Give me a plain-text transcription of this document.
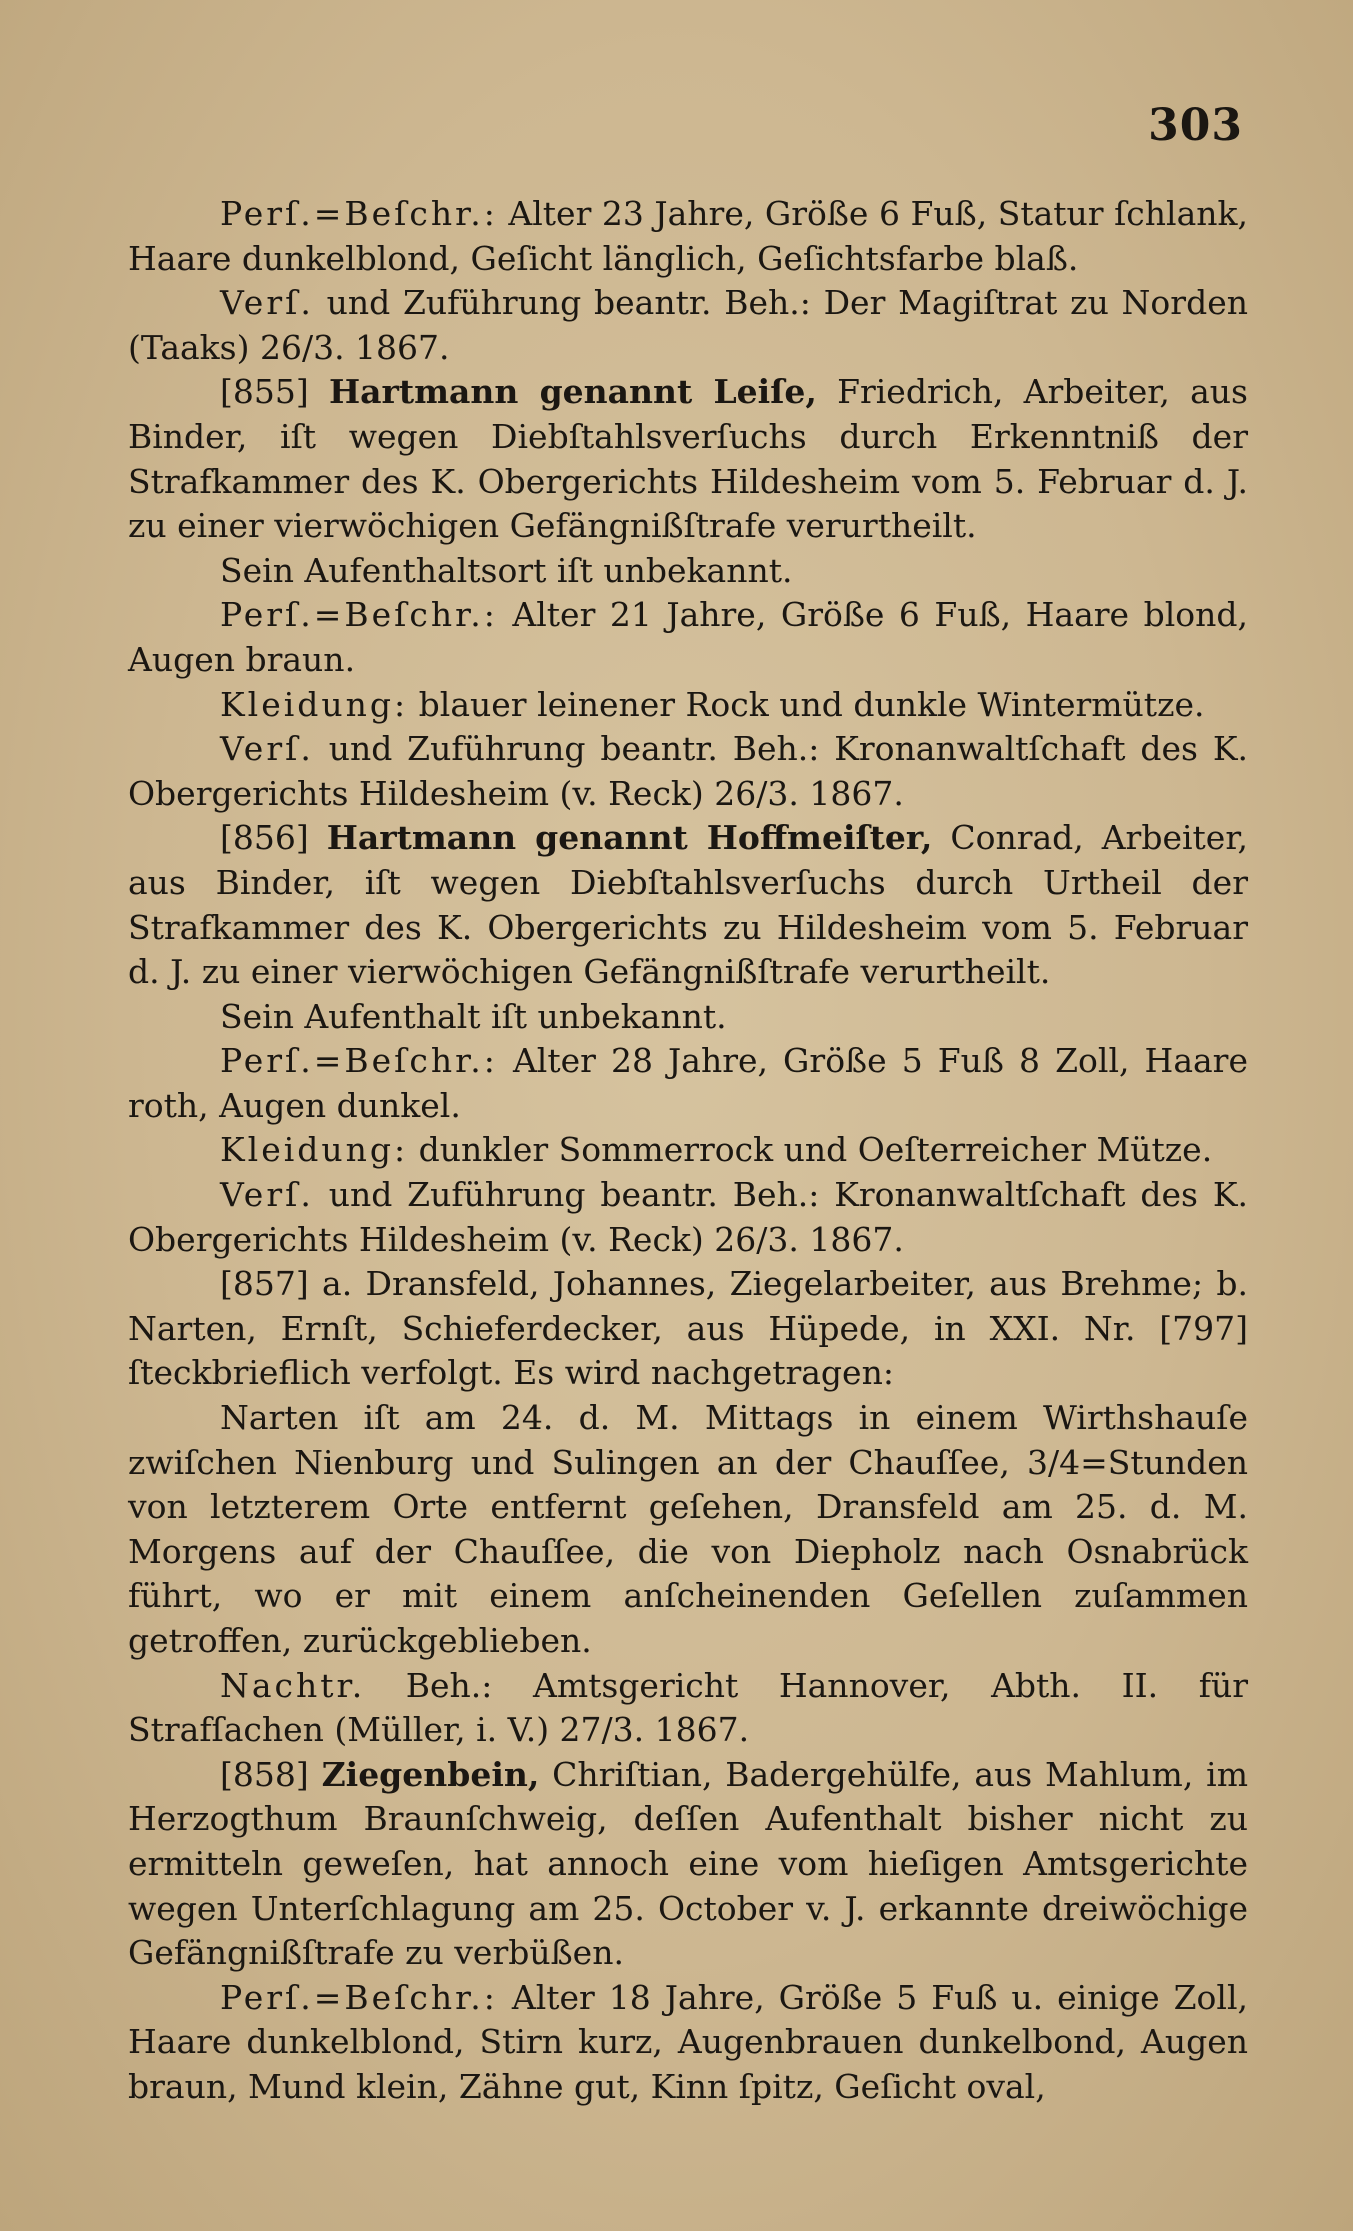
303

Perſ.=Beſchr.: Alter 23 Jahre, Größe 6 Fuß, Statur ſchlank, Haare dunkelblond, Geſicht länglich, Geſichtsfarbe blaß.

Verſ. und Zuführung beantr. Beh.: Der Magiſtrat zu Norden (Taaks) 26/3. 1867.

[855] Hartmann genannt Leiſe, Friedrich, Arbeiter, aus Binder, iſt wegen Diebſtahlsverſuchs durch Erkenntniß der Strafkammer des K. Obergerichts Hildesheim vom 5. Februar d. J. zu einer vierwöchigen Gefängnißſtrafe verurtheilt.

Sein Aufenthaltsort iſt unbekannt.

Perſ.=Beſchr.: Alter 21 Jahre, Größe 6 Fuß, Haare blond, Augen braun.

Kleidung: blauer leinener Rock und dunkle Wintermütze.

Verſ. und Zuführung beantr. Beh.: Kronanwaltſchaft des K. Obergerichts Hildesheim (v. Reck) 26/3. 1867.

[856] Hartmann genannt Hoffmeiſter, Conrad, Arbeiter, aus Binder, iſt wegen Diebſtahlsverſuchs durch Urtheil der Strafkammer des K. Obergerichts zu Hildesheim vom 5. Februar d. J. zu einer vierwöchigen Gefängnißſtrafe verurtheilt.

Sein Aufenthalt iſt unbekannt.

Perſ.=Beſchr.: Alter 28 Jahre, Größe 5 Fuß 8 Zoll, Haare roth, Augen dunkel.

Kleidung: dunkler Sommerrock und Oeſterreicher Mütze.

Verſ. und Zuführung beantr. Beh.: Kronanwaltſchaft des K. Obergerichts Hildesheim (v. Reck) 26/3. 1867.

[857] a. Dransfeld, Johannes, Ziegelarbeiter, aus Brehme; b. Narten, Ernſt, Schieferdecker, aus Hüpede, in XXI. Nr. [797] ſteckbrieflich verfolgt. Es wird nachgetragen:

Narten iſt am 24. d. M. Mittags in einem Wirthshauſe zwiſchen Nienburg und Sulingen an der Chauſſee, 3/4=Stunden von letzterem Orte entfernt geſehen, Dransfeld am 25. d. M. Morgens auf der Chauſſee, die von Diepholz nach Osnabrück führt, wo er mit einem anſcheinenden Geſellen zuſammen getroffen, zurückgeblieben.

Nachtr. Beh.: Amtsgericht Hannover, Abth. II. für Strafſachen (Müller, i. V.) 27/3. 1867.

[858] Ziegenbein, Chriſtian, Badergehülfe, aus Mahlum, im Herzogthum Braunſchweig, deſſen Aufenthalt bisher nicht zu ermitteln geweſen, hat annoch eine vom hieſigen Amtsgerichte wegen Unterſchlagung am 25. October v. J. erkannte dreiwöchige Gefängnißſtrafe zu verbüßen.

Perſ.=Beſchr.: Alter 18 Jahre, Größe 5 Fuß u. einige Zoll, Haare dunkelblond, Stirn kurz, Augenbrauen dunkelbond, Augen braun, Mund klein, Zähne gut, Kinn ſpitz, Geſicht oval,
